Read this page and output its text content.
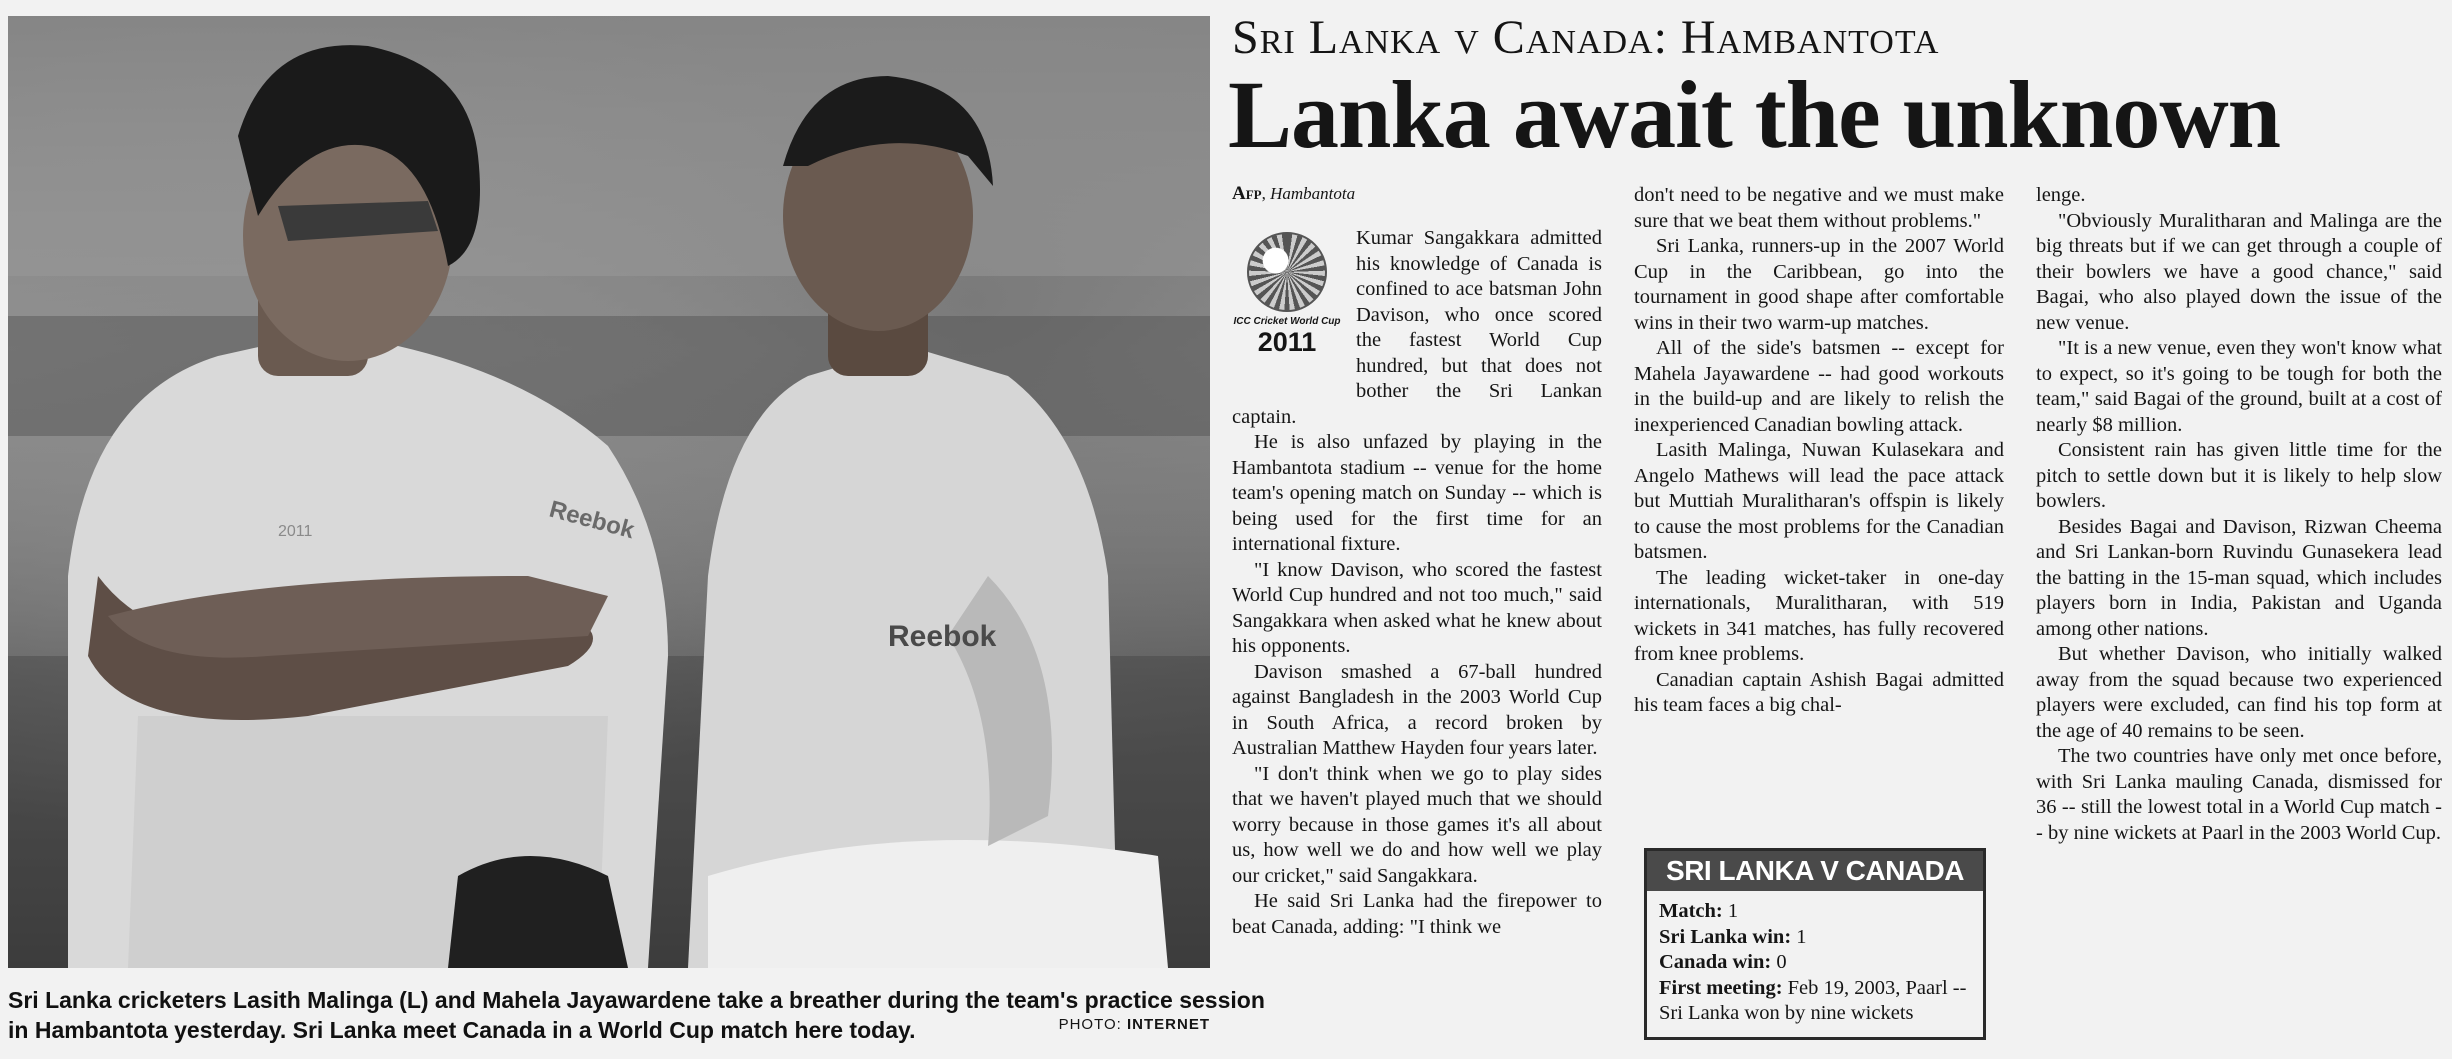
Reebok
Reebok
2011
Sri Lanka cricketers Lasith Malinga (L) and Mahela Jayawardene take a breather during the team's practice session
in Hambantota yesterday. Sri Lanka meet Canada in a World Cup match here today.	PHOTO: INTERNET
Sri Lanka v Canada: Hambantota
Lanka await the unknown
Afp, Hambantota
ICC Cricket World Cup
2011

Kumar Sangakkara admitted his knowledge of Canada is confined to ace batsman John Davison, who once scored the fastest World Cup hundred, but that does not bother the Sri Lankan captain.

He is also unfazed by playing in the Hambantota stadium -- venue for the home team's opening match on Sunday -- which is being used for the first time for an international fixture.

"I know Davison, who scored the fastest World Cup hundred and not too much," said Sangakkara when asked what he knew about his opponents.

Davison smashed a 67-ball hundred against Bangladesh in the 2003 World Cup in South Africa, a record broken by Australian Matthew Hayden four years later.

"I don't think when we go to play sides that we haven't played much that we should worry because in those games it's all about us, how well we do and how well we play our cricket," said Sangakkara.

He said Sri Lanka had the firepower to beat Canada, adding: "I think we

don't need to be negative and we must make sure that we beat them without problems."

Sri Lanka, runners-up in the 2007 World Cup in the Caribbean, go into the tournament in good shape after comfortable wins in their two warm-up matches.

All of the side's batsmen -- except for Mahela Jayawardene -- had good workouts in the build-up and are likely to relish the inexperienced Canadian bowling attack.

Lasith Malinga, Nuwan Kulasekara and Angelo Mathews will lead the pace attack but Muttiah Muralitharan's offspin is likely to cause the most problems for the Canadian batsmen.

The leading wicket-taker in one-day internationals, Muralitharan, with 519 wickets in 341 matches, has fully recovered from knee problems.

Canadian captain Ashish Bagai admitted his team faces a big chal-

SRI LANKA V CANADA
Match: 1
Sri Lanka win: 1
Canada win: 0
First meeting: Feb 19, 2003, Paarl --
Sri Lanka won by nine wickets

lenge.

"Obviously Muralitharan and Malinga are the big threats but if we can get through a couple of their bowlers we have a good chance," said Bagai, who also played down the issue of the new venue.

"It is a new venue, even they won't know what to expect, so it's going to be tough for both the team," said Bagai of the ground, built at a cost of nearly $8 million.

Consistent rain has given little time for the pitch to settle down but it is likely to help slow bowlers.

Besides Bagai and Davison, Rizwan Cheema and Sri Lankan-born Ruvindu Gunasekera lead the batting in the 15-man squad, which includes players born in India, Pakistan and Uganda among other nations.

But whether Davison, who initially walked away from the squad because two experienced players were excluded, can find his top form at the age of 40 remains to be seen.

The two countries have only met once before, with Sri Lanka mauling Canada, dismissed for 36 -- still the lowest total in a World Cup match -- by nine wickets at Paarl in the 2003 World Cup.
